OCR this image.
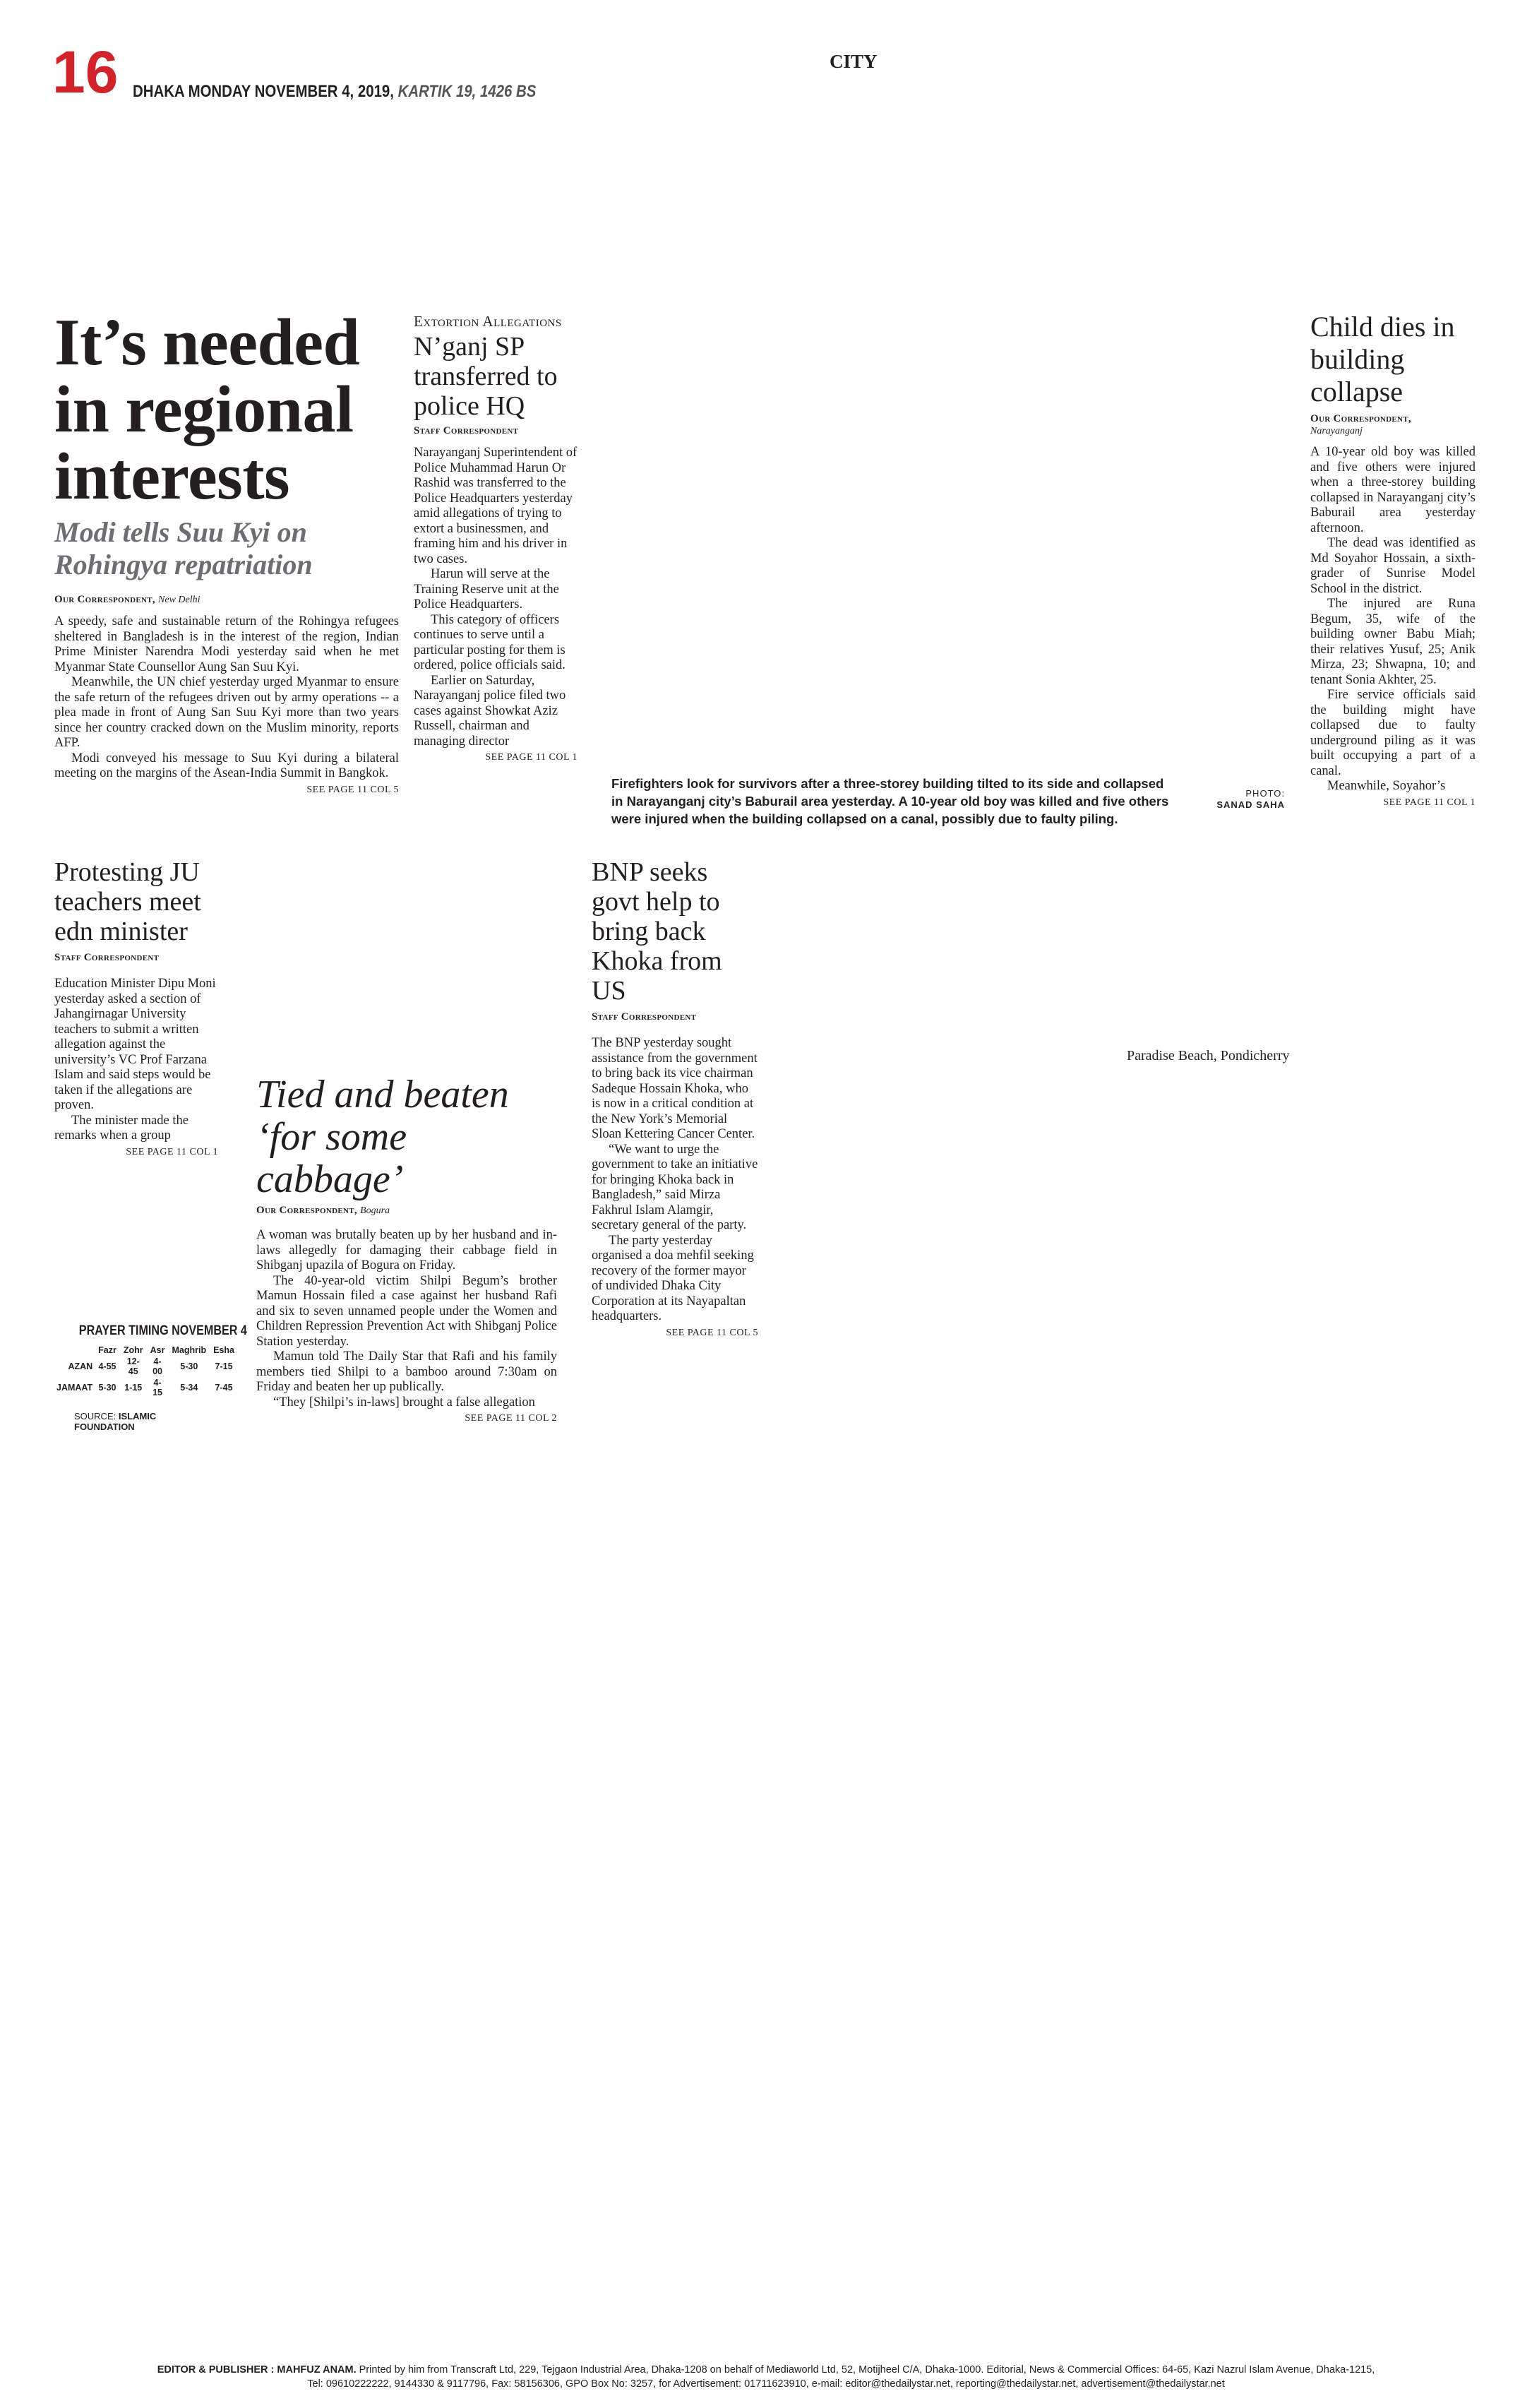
16 DHAKA MONDAY NOVEMBER 4, 2019, KARTIK 19, 1426 BS
CITY
It’s needed in regional interests
Modi tells Suu Kyi on Rohingya repatriation
Our Correspondent, New Delhi

A speedy, safe and sustainable return of the Rohingya refugees sheltered in Bangladesh is in the interest of the region, Indian Prime Minister Narendra Modi yesterday said when he met Myanmar State Counsellor Aung San Suu Kyi.

Meanwhile, the UN chief yesterday urged Myanmar to ensure the safe return of the refugees driven out by army operations -- a plea made in front of Aung San Suu Kyi more than two years since her country cracked down on the Muslim minority, reports AFP.

Modi conveyed his message to Suu Kyi during a bilateral meeting on the margins of the Asean-India Summit in Bangkok.

SEE PAGE 11 COL 5
Extortion Allegations
N’ganj SP transferred to police HQ
Staff Correspondent

Narayanganj Superintendent of Police Muhammad Harun Or Rashid was transferred to the Police Headquarters yesterday amid allegations of trying to extort a businessmen, and framing him and his driver in two cases.

Harun will serve at the Training Reserve unit at the Police Headquarters.

This category of officers continues to serve until a particular posting for them is ordered, police officials said.

Earlier on Saturday, Narayanganj police filed two cases against Showkat Aziz Russell, chairman and managing director

SEE PAGE 11 COL 1
Firefighters look for survivors after a three-storey building tilted to its side and collapsed in Narayanganj city’s Baburail area yesterday. A 10-year old boy was killed and five others were injured when the building collapsed on a canal, possibly due to faulty piling.
PHOTO:
SANAD SAHA
Child dies in building collapse
Our Correspondent,
Narayanganj

A 10-year old boy was killed and five others were injured when a three-storey building collapsed in Narayanganj city’s Baburail area yesterday afternoon.

The dead was identified as Md Soyahor Hossain, a sixth-grader of Sunrise Model School in the district.

The injured are Runa Begum, 35, wife of the building owner Babu Miah; their relatives Yusuf, 25; Anik Mirza, 23; Shwapna, 10; and tenant Sonia Akhter, 25.

Fire service officials said the building might have collapsed due to faulty underground piling as it was built occupying a part of a canal.

Meanwhile, Soyahor’s

SEE PAGE 11 COL 1
Protesting JU teachers meet edn minister
Staff Correspondent

Education Minister Dipu Moni yesterday asked a section of Jahangirnagar University teachers to submit a written allegation against the university’s VC Prof Farzana Islam and said steps would be taken if the allegations are proven.

The minister made the remarks when a group

SEE PAGE 11 COL 1
BNP seeks govt help to bring back Khoka from US
Staff Correspondent

The BNP yesterday sought assistance from the government to bring back its vice chairman Sadeque Hossain Khoka, who is now in a critical condition at the New York’s Memorial Sloan Kettering Cancer Center.

“We want to urge the government to take an initiative for bringing Khoka back in Bangladesh,” said Mirza Fakhrul Islam Alamgir, secretary general of the party.

The party yesterday organised a doa mehfil seeking recovery of the former mayor of undivided Dhaka City Corporation at its Nayapaltan headquarters.

SEE PAGE 11 COL 5
Paradise Beach, Pondicherry
Tied and beaten ‘for some cabbage’
Our Correspondent, Bogura

A woman was brutally beaten up by her husband and in-laws allegedly for damaging their cabbage field in Shibganj upazila of Bogura on Friday.

The 40-year-old victim Shilpi Begum’s brother Mamun Hossain filed a case against her husband Rafi and six to seven unnamed people under the Women and Children Repression Prevention Act with Shibganj Police Station yesterday.

Mamun told The Daily Star that Rafi and his family members tied Shilpi to a bamboo around 7:30am on Friday and beaten her up publically.

“They [Shilpi’s in-laws] brought a false allegation

SEE PAGE 11 COL 2
PRAYER TIMING NOVEMBER 4
	Fazr	Zohr	Asr	Maghrib	Esha
AZAN	4-55	12-45	4-00	5-30	7-15
JAMAAT	5-30	1-15	4-15	5-34	7-45
SOURCE: ISLAMIC FOUNDATION
EDITOR & PUBLISHER : MAHFUZ ANAM. Printed by him from Transcraft Ltd, 229, Tejgaon Industrial Area, Dhaka-1208 on behalf of Mediaworld Ltd, 52, Motijheel C/A, Dhaka-1000. Editorial, News & Commercial Offices: 64-65, Kazi Nazrul Islam Avenue, Dhaka-1215,
Tel: 09610222222, 9144330 & 9117796, Fax: 58156306, GPO Box No: 3257, for Advertisement: 01711623910, e-mail: editor@thedailystar.net, reporting@thedailystar.net, advertisement@thedailystar.net
